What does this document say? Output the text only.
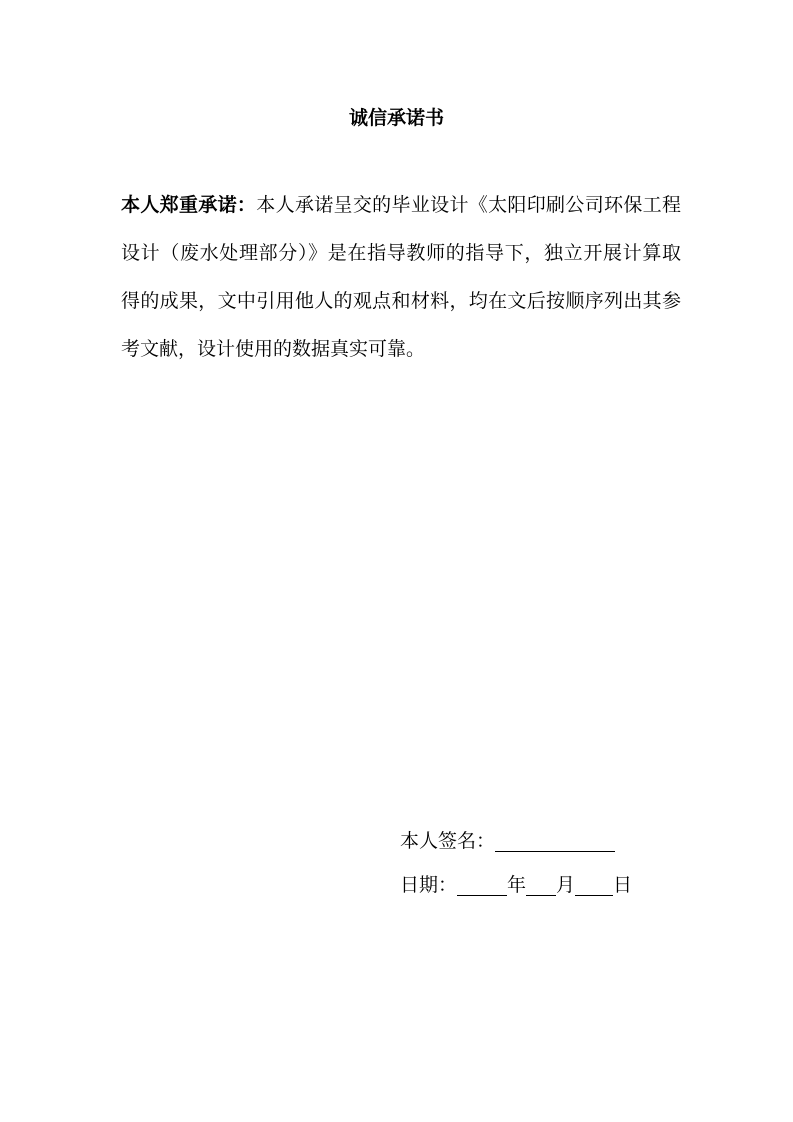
诚信承诺书
本人郑重承诺：本人承诺呈交的毕业设计《太阳印刷公司环保工程设计（废水处理部分）》是在指导教师的指导下，独立开展计算取得的成果，文中引用他人的观点和材料，均在文后按顺序列出其参考文献，设计使用的数据真实可靠。
本人签名：
日期：	年 月 日
